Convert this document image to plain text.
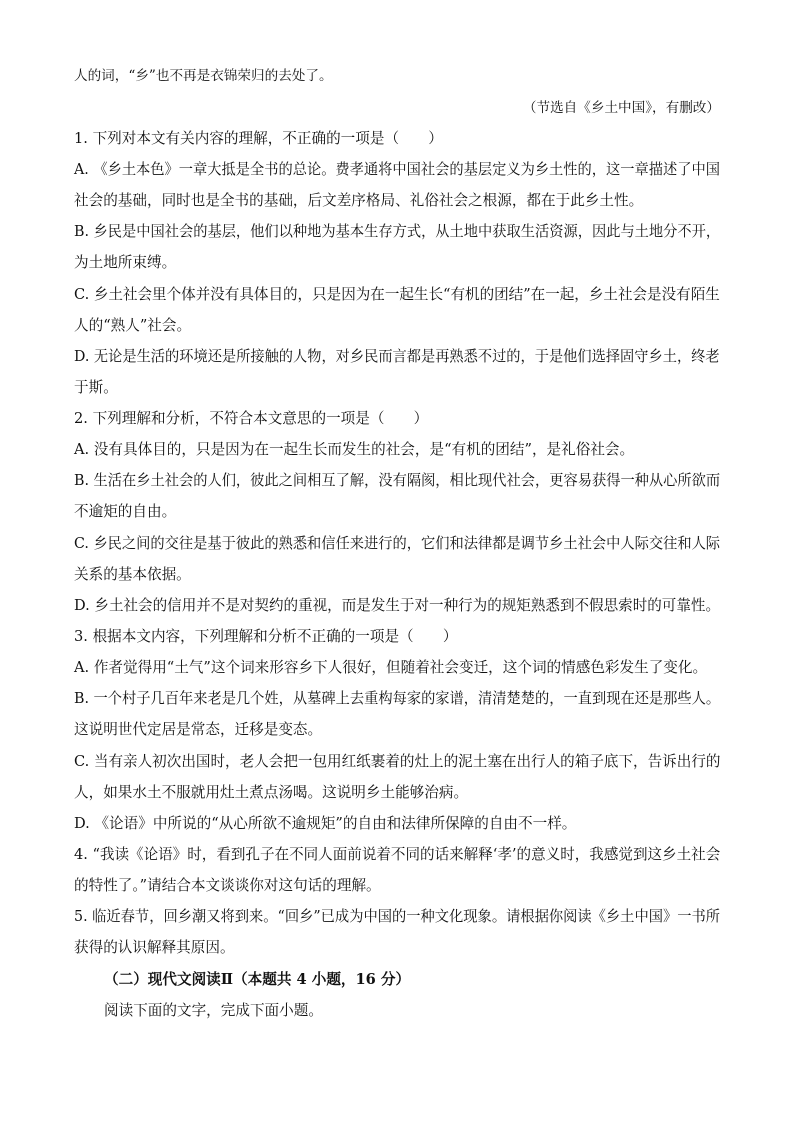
人的词，“乡”也不再是衣锦荣归的去处了。
（节选自《乡土中国》，有删改）
1. 下列对本文有关内容的理解，不正确的一项是（　　）
A. 《乡土本色》一章大抵是全书的总论。费孝通将中国社会的基层定义为乡土性的，这一章描述了中国
社会的基础，同时也是全书的基础，后文差序格局、礼俗社会之根源，都在于此乡土性。
B. 乡民是中国社会的基层，他们以种地为基本生存方式，从土地中获取生活资源，因此与土地分不开，
为土地所束缚。
C. 乡土社会里个体并没有具体目的，只是因为在一起生长“有机的团结”在一起，乡土社会是没有陌生
人的“熟人”社会。
D. 无论是生活的环境还是所接触的人物，对乡民而言都是再熟悉不过的，于是他们选择固守乡土，终老
于斯。
2. 下列理解和分析，不符合本文意思的一项是（　　）
A. 没有具体目的，只是因为在一起生长而发生的社会，是“有机的团结”，是礼俗社会。
B. 生活在乡土社会的人们，彼此之间相互了解，没有隔阂，相比现代社会，更容易获得一种从心所欲而
不逾矩的自由。
C. 乡民之间的交往是基于彼此的熟悉和信任来进行的，它们和法律都是调节乡土社会中人际交往和人际
关系的基本依据。
D. 乡土社会的信用并不是对契约的重视，而是发生于对一种行为的规矩熟悉到不假思索时的可靠性。
3. 根据本文内容，下列理解和分析不正确的一项是（　　）
A. 作者觉得用“土气”这个词来形容乡下人很好，但随着社会变迁，这个词的情感色彩发生了变化。
B. 一个村子几百年来老是几个姓，从墓碑上去重构每家的家谱，清清楚楚的，一直到现在还是那些人。
这说明世代定居是常态，迁移是变态。
C. 当有亲人初次出国时，老人会把一包用红纸裹着的灶上的泥土塞在出行人的箱子底下，告诉出行的
人，如果水土不服就用灶土煮点汤喝。这说明乡土能够治病。
D. 《论语》中所说的“从心所欲不逾规矩”的自由和法律所保障的自由不一样。
4. “我读《论语》时，看到孔子在不同人面前说着不同的话来解释‘孝’的意义时，我感觉到这乡土社会
的特性了。”请结合本文谈谈你对这句话的理解。
5. 临近春节，回乡潮又将到来。“回乡”已成为中国的一种文化现象。请根据你阅读《乡土中国》一书所
获得的认识解释其原因。
（二）现代文阅读Ⅱ（本题共 4 小题，16 分）
阅读下面的文字，完成下面小题。
